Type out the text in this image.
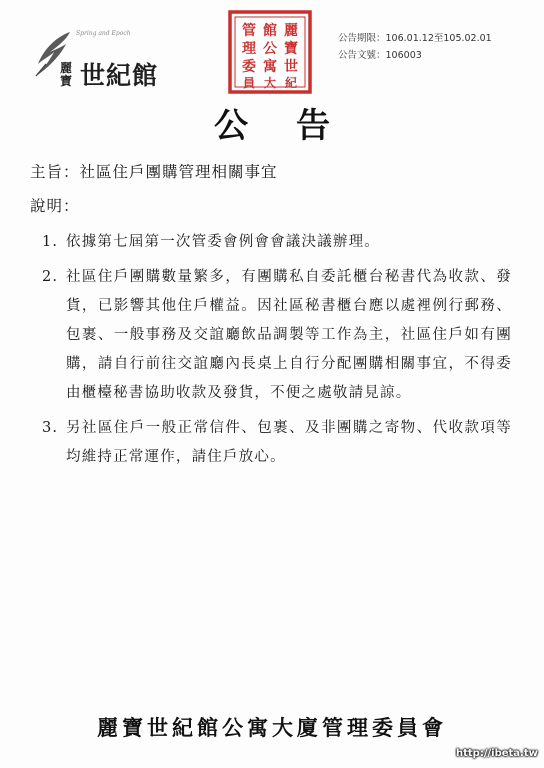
Spring and Epoch
麗寶 世紀館
麗
寶
世
紀
館
公
寓
大
管
理
委
員
公告期限：106.01.12至105.02.01
公告文號：106003
公告
主旨：社區住戶團購管理相關事宜
說明：
1. 依據第七屆第一次管委會例會會議決議辦理。
2. 社區住戶團購數量繁多，有團購私自委託櫃台秘書代為收款、發貨，已影響其他住戶權益。因社區秘書櫃台應以處裡例行郵務、包裹、一般事務及交誼廳飲品調製等工作為主，社區住戶如有團購，請自行前往交誼廳內長桌上自行分配團購相關事宜，不得委由櫃檯秘書協助收款及發貨，不便之處敬請見諒。
3. 另社區住戶一般正常信件、包裹、及非團購之寄物、代收款項等均維持正常運作，請住戶放心。
麗寶世紀館公寓大廈管理委員會
http://ibeta.tw
